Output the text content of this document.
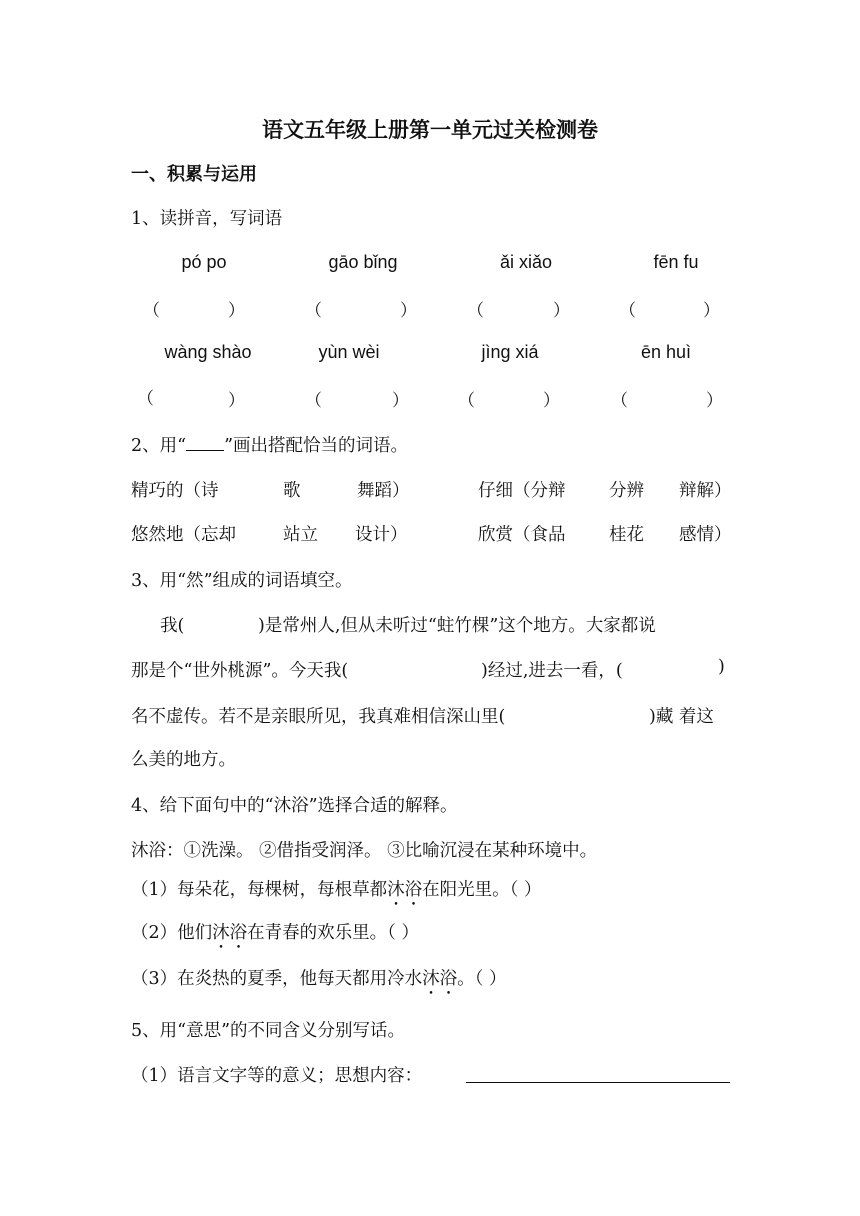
语文五年级上册第一单元过关检测卷
一、积累与运用
1、读拼音，写词语
pó po	gāo bǐng	ǎi xiǎo	fēn fu
（	）	（	）	（	）	（	）
wàng shào	yùn wèi	jìng xiá	ēn huì
（	）	（	）	（	）	（	）
2、用“ ”画出搭配恰当的词语。
精巧的（诗	歌	舞蹈）	仔细（分辩 分辨 辩解）
悠然地（忘却	站立 设计）	欣赏（食品 桂花 感情）
3、用“然”组成的词语填空。
我(	)是常州人,但从未听过“蛀竹棵”这个地方。大家都说
那是个“世外桃源”。今天我(	)经过,进去一看，(	)
名不虚传。若不是亲眼所见，我真难相信深山里(	)藏 着这
么美的地方。
4、给下面句中的“沐浴”选择合适的解释。
沐浴：①洗澡。 ②借指受润泽。 ③比喻沉浸在某种环境中。
（1）每朵花，每棵树，每根草都沐浴在阳光里。（ ）
（2）他们沐浴在青春的欢乐里。（ ）
（3）在炎热的夏季，他每天都用冷水沐浴。（ ）
5、用“意思”的不同含义分别写话。
（1）语言文字等的意义；思想内容：
